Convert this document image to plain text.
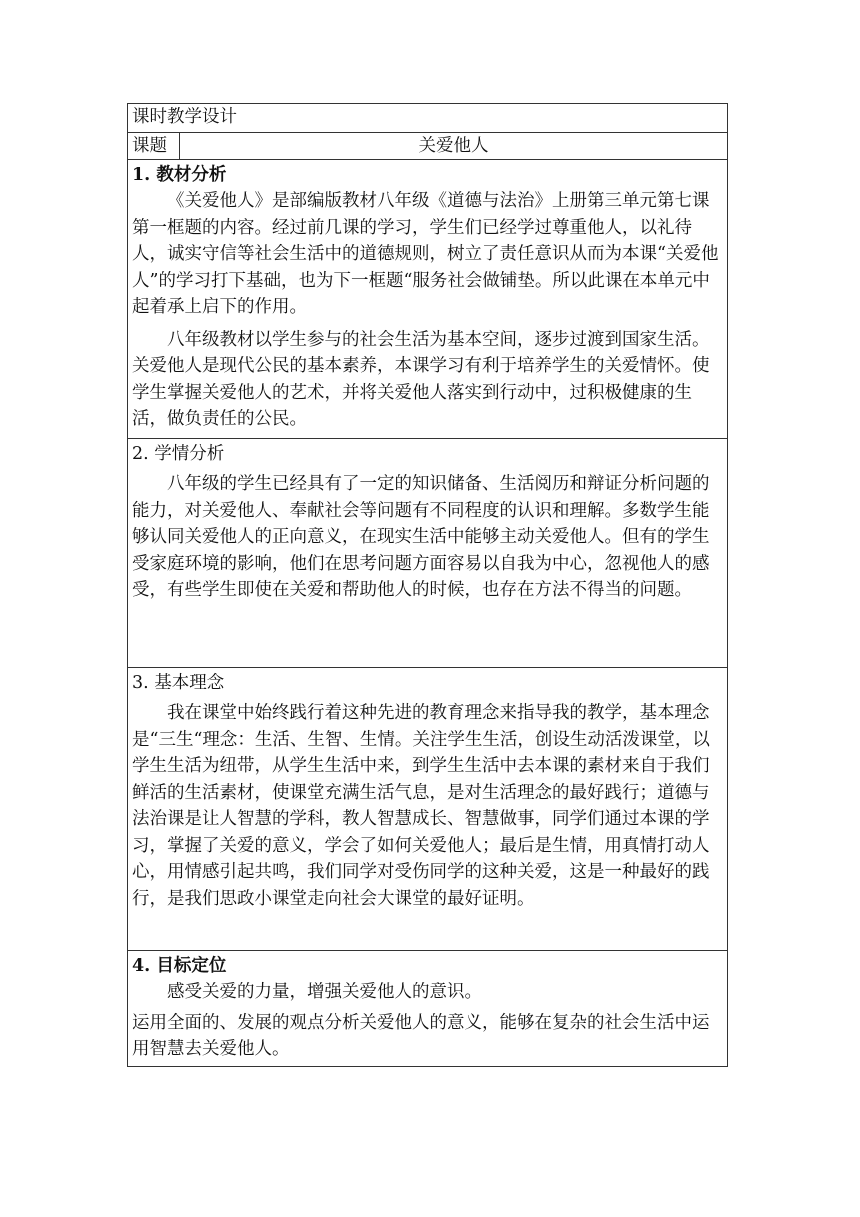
课时教学设计
课题	关爱他人

1. 教材分析

《关爱他人》是部编版教材八年级《道德与法治》上册第三单元第七课第一框题的内容。经过前几课的学习，学生们已经学过尊重他人，以礼待人，诚实守信等社会生活中的道德规则，树立了责任意识从而为本课“关爱他人”的学习打下基础，也为下一框题“服务社会做铺垫。所以此课在本单元中起着承上启下的作用。

八年级教材以学生参与的社会生活为基本空间，逐步过渡到国家生活。关爱他人是现代公民的基本素养，本课学习有利于培养学生的关爱情怀。使学生掌握关爱他人的艺术，并将关爱他人落实到行动中，过积极健康的生活，做负责任的公民。

2. 学情分析

八年级的学生已经具有了一定的知识储备、生活阅历和辩证分析问题的能力，对关爱他人、奉献社会等问题有不同程度的认识和理解。多数学生能够认同关爱他人的正向意义，在现实生活中能够主动关爱他人。但有的学生受家庭环境的影响，他们在思考问题方面容易以自我为中心，忽视他人的感受，有些学生即使在关爱和帮助他人的时候，也存在方法不得当的问题。

3. 基本理念

我在课堂中始终践行着这种先进的教育理念来指导我的教学，基本理念是“三生“理念：生活、生智、生情。关注学生生活，创设生动活泼课堂，以学生生活为纽带，从学生生活中来，到学生生活中去本课的素材来自于我们鲜活的生活素材，使课堂充满生活气息，是对生活理念的最好践行；道德与法治课是让人智慧的学科，教人智慧成长、智慧做事，同学们通过本课的学习，掌握了关爱的意义，学会了如何关爱他人；最后是生情，用真情打动人心，用情感引起共鸣，我们同学对受伤同学的这种关爱，这是一种最好的践行，是我们思政小课堂走向社会大课堂的最好证明。

4. 目标定位

感受关爱的力量，增强关爱他人的意识。

运用全面的、发展的观点分析关爱他人的意义，能够在复杂的社会生活中运用智慧去关爱他人。
